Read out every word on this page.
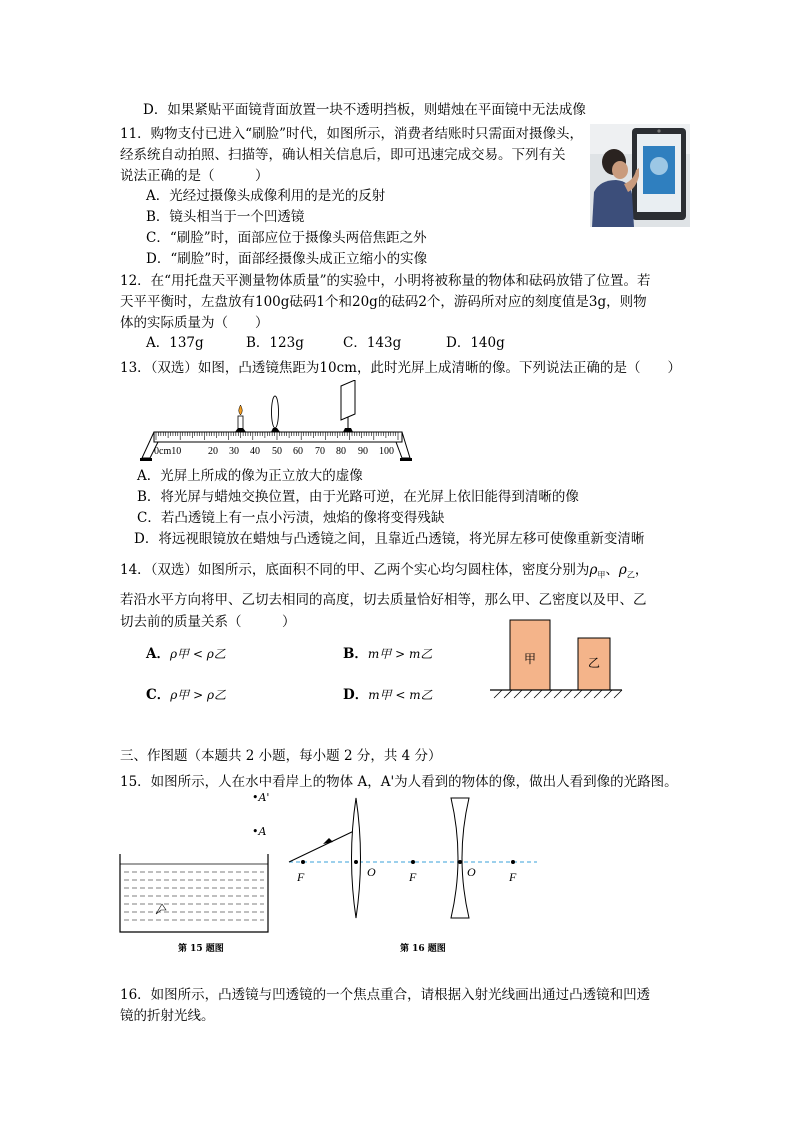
D．如果紧贴平面镜背面放置一块不透明挡板，则蜡烛在平面镜中无法成像
11．购物支付已进入“刷脸”时代，如图所示，消费者结账时只需面对摄像头，
经系统自动拍照、扫描等，确认相关信息后，即可迅速完成交易。下列有关
说法正确的是（　　　）
A．光经过摄像头成像利用的是光的反射
B．镜头相当于一个凹透镜
C．“刷脸”时，面部应位于摄像头两倍焦距之外
D．“刷脸”时，面部经摄像头成正立缩小的实像
12．在“用托盘天平测量物体质量”的实验中，小明将被称量的物体和砝码放错了位置。若
天平平衡时，左盘放有100g砝码1个和20g的砝码2个，游码所对应的刻度值是3g，则物
体的实际质量为（　　）
A．137g	B．123g	C．143g	D．140g
13．（双选）如图，凸透镜焦距为10cm，此时光屏上成清晰的像。下列说法正确的是（　　）
0cm10	20 30 40 50 60 70 80 90 100
A．光屏上所成的像为正立放大的虚像
B．将光屏与蜡烛交换位置，由于光路可逆，在光屏上依旧能得到清晰的像
C．若凸透镜上有一点小污渍，烛焰的像将变得残缺
D．将远视眼镜放在蜡烛与凸透镜之间，且靠近凸透镜，将光屏左移可使像重新变清晰
14．（双选）如图所示，底面积不同的甲、乙两个实心均匀圆柱体，密度分别为$\rho_甲$、$\rho_乙$，
若沿水平方向将甲、乙切去相同的高度，切去质量恰好相等，那么甲、乙密度以及甲、乙
切去前的质量关系（　　　）
A．ρ甲 < ρ乙	B．m甲 > m乙
C．ρ甲 > ρ乙	D．m甲 < m乙
甲	乙
三、作图题（本题共 2 小题，每小题 2 分，共 4 分）
15．如图所示，人在水中看岸上的物体 A，A'为人看到的物体的像，做出人看到像的光路图。
•A'
•A
第 15 题图
F	O	F	O	F
第 16 题图
16．如图所示，凸透镜与凹透镜的一个焦点重合，请根据入射光线画出通过凸透镜和凹透
镜的折射光线。
